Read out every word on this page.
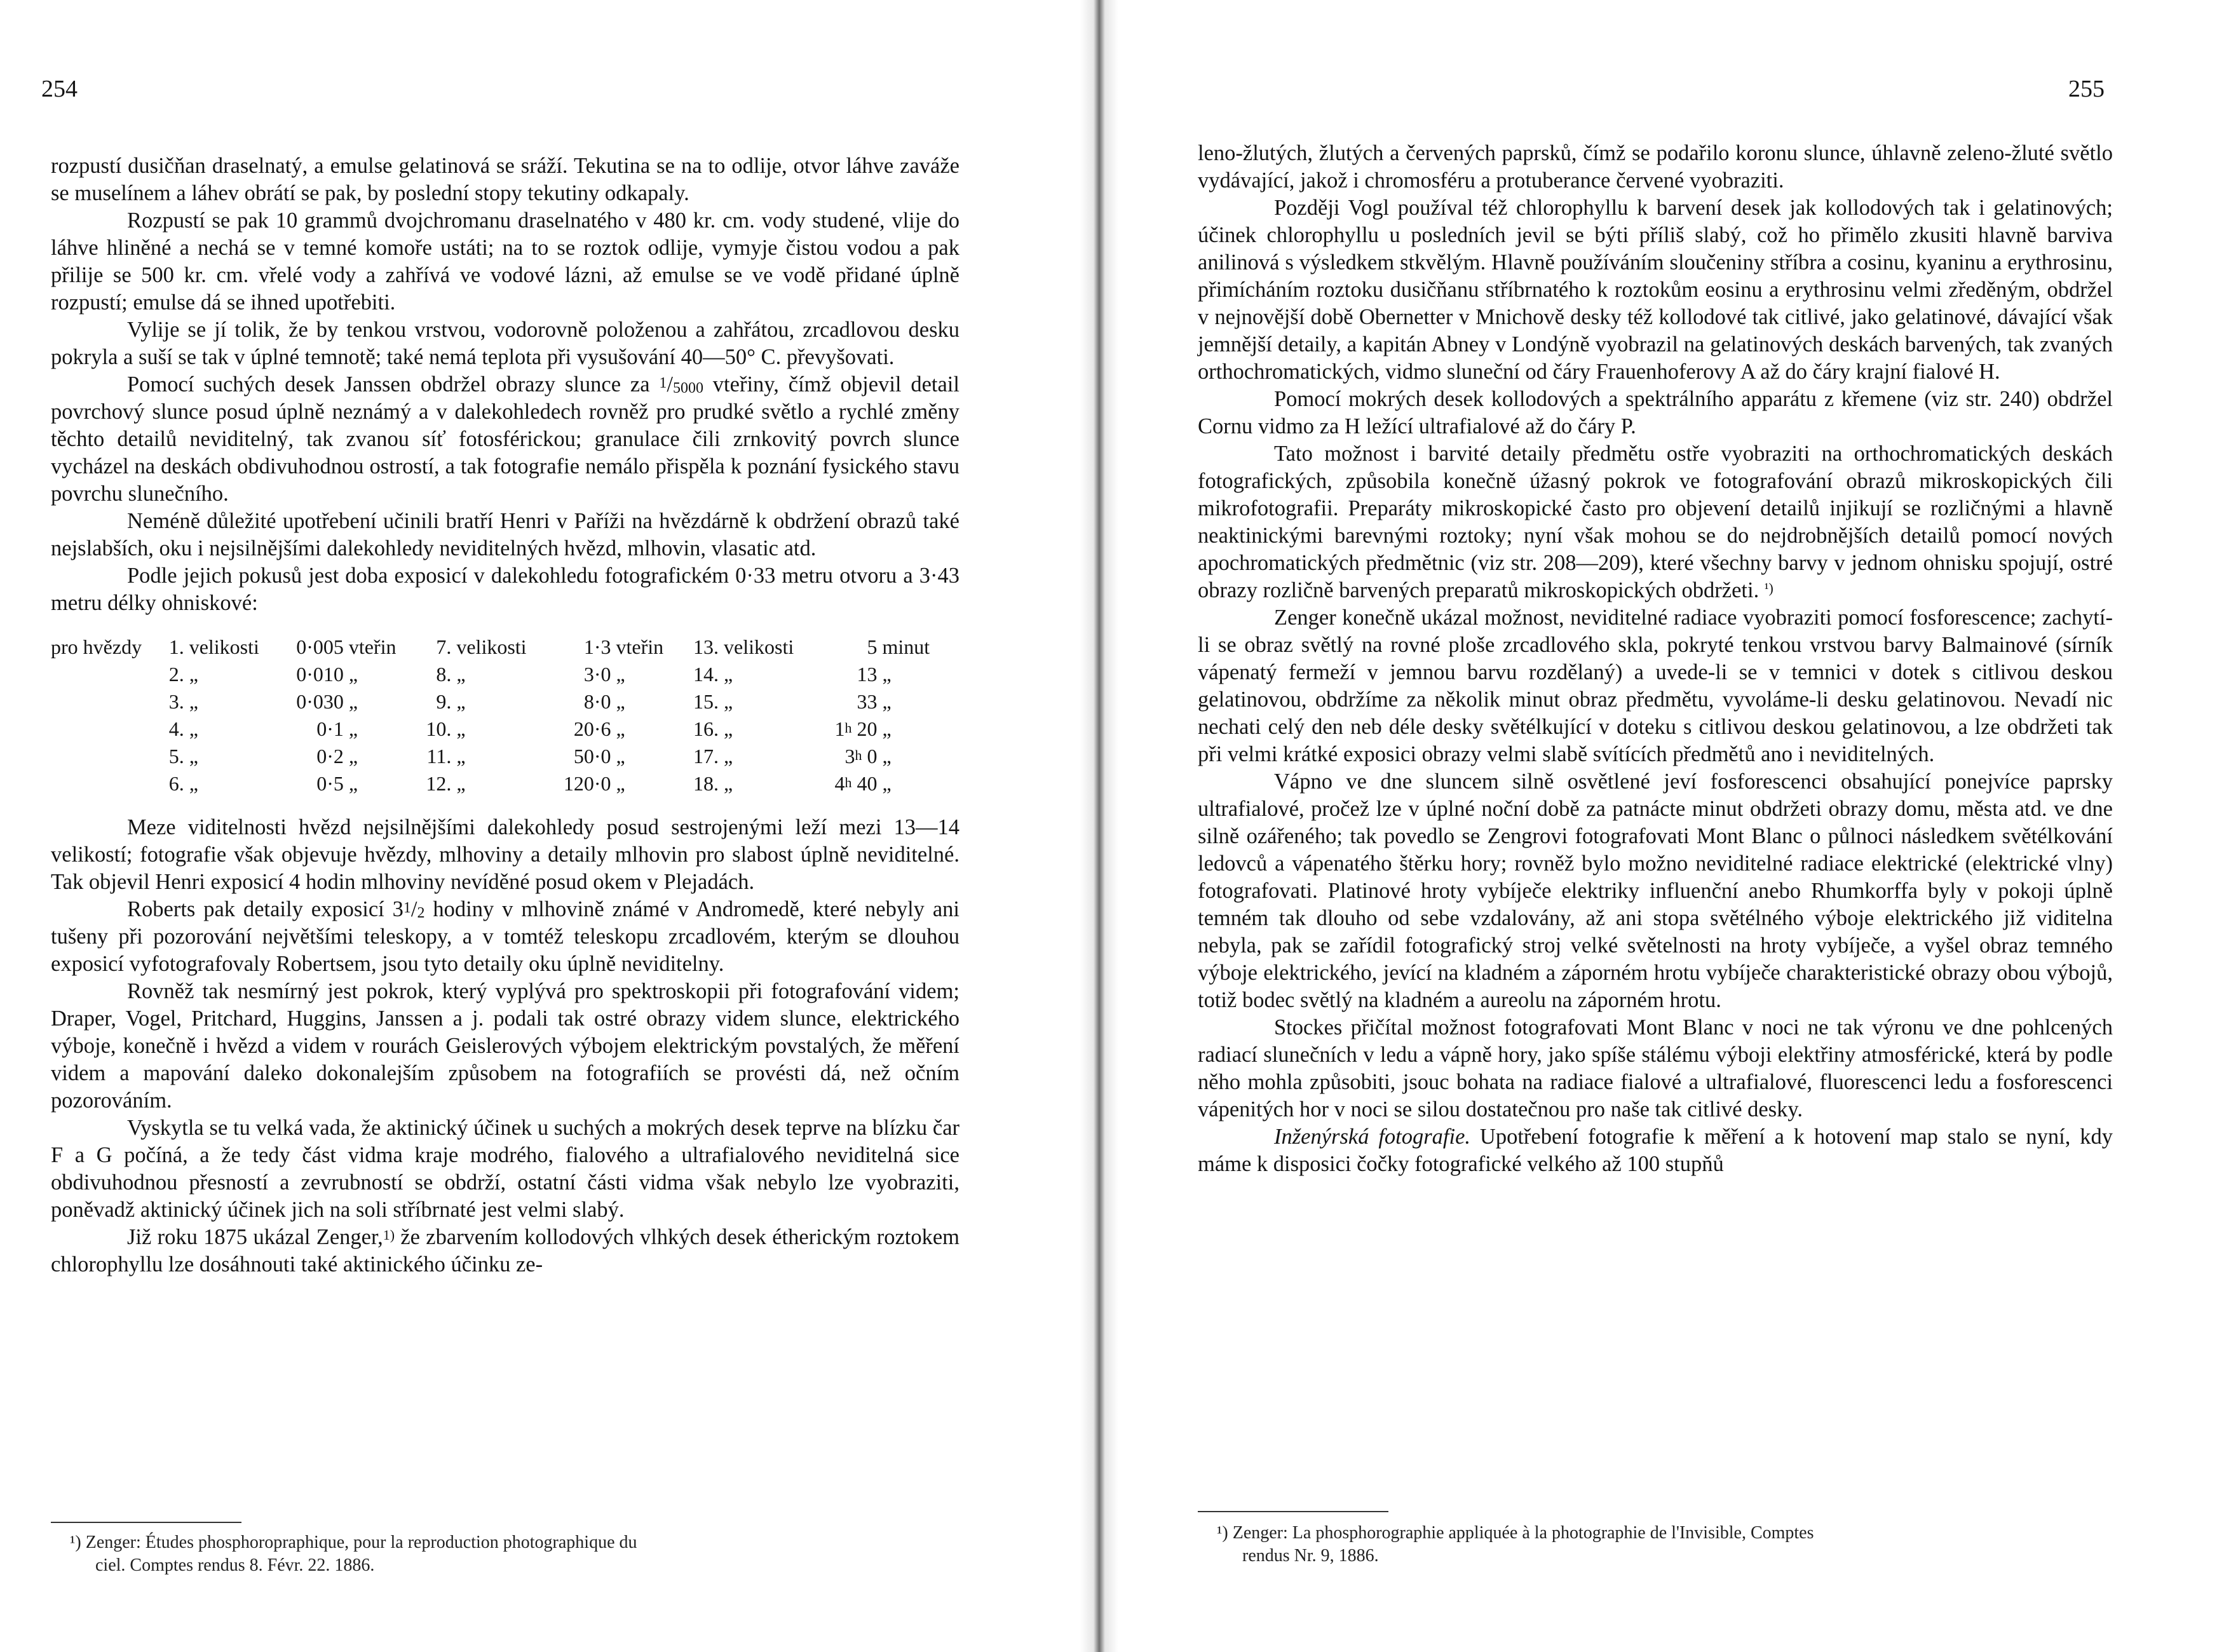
254

rozpustí dusičňan draselnatý, a emulse gelatinová se sráží. Tekutina se na to odlije, otvor láhve zaváže se muselínem a láhev obrátí se pak, by poslední stopy tekutiny odkapaly.

Rozpustí se pak 10 grammů dvojchromanu draselnatého v 480 kr. cm. vody studené, vlije do láhve hliněné a nechá se v temné komoře ustáti; na to se roztok odlije, vymyje čistou vodou a pak přilije se 500 kr. cm. vřelé vody a zahřívá ve vodové lázni, až emulse se ve vodě přidané úplně rozpustí; emulse dá se ihned upotřebiti.

Vylije se jí tolik, že by tenkou vrstvou, vodorovně položenou a zahřátou, zrcadlovou desku pokryla a suší se tak v úplné temnotě; také nemá teplota při vysušování 40—50° C. převyšovati.

Pomocí suchých desek Janssen obdržel obrazy slunce za $^1$/5000 vteřiny, čímž objevil detail povrchový slunce posud úplně neznámý a v dalekohledech rovněž pro prudké světlo a rychlé změny těchto detailů neviditelný, tak zvanou síť fotosférickou; granulace čili zrnkovitý povrch slunce vycházel na deskách obdivuhodnou ostrostí, a tak fotografie nemálo přispěla k poznání fysického stavu povrchu slunečního.

Neméně důležité upotřebení učinili bratří Henri v Paříži na hvězdárně k obdržení obrazů také nejslabších, oku i nejsilnějšími dalekohledy neviditelných hvězd, mlhovin, vlasatic atd.

Podle jejich pokusů jest doba exposicí v dalekohledu fotografickém 0·33 metru otvoru a 3·43 metru délky ohniskové:

pro hvězdy	1.	velikosti	0·005	vteřin	7.	velikosti	1·3	vteřin	13.	velikosti	5	minut
	2.	„	0·010	„	8.	„	3·0	„	14.	„	13	„
	3.	„	0·030	„	9.	„	8·0	„	15.	„	33	„
	4.	„	0·1	„	10.	„	20·6	„	16.	„	1$^h$ 20	„
	5.	„	0·2	„	11.	„	50·0	„	17.	„	3$^h$ 0	„
	6.	„	0·5	„	12.	„	120·0	„	18.	„	4$^h$ 40	„

Meze viditelnosti hvězd nejsilnějšími dalekohledy posud sestrojenými leží mezi 13—14 velikostí; fotografie však objevuje hvězdy, mlhoviny a detaily mlhovin pro slabost úplně neviditelné. Tak objevil Henri exposicí 4 hodin mlhoviny nevíděné posud okem v Plejadách.

Roberts pak detaily exposicí $3^1/2$ hodiny v mlhovině známé v Andromedě, které nebyly ani tušeny při pozorování největšími teleskopy, a v tomtéž teleskopu zrcadlovém, kterým se dlouhou exposicí vyfotografovaly Robertsem, jsou tyto detaily oku úplně neviditelny.

Rovněž tak nesmírný jest pokrok, který vyplývá pro spektroskopii při fotografování videm; Draper, Vogel, Pritchard, Huggins, Janssen a j. podali tak ostré obrazy videm slunce, elektrického výboje, konečně i hvězd a videm v rourách Geislerových výbojem elektrickým povstalých, že měření videm a mapování daleko dokonalejším způsobem na fotografiích se provésti dá, než očním pozorováním.

Vyskytla se tu velká vada, že aktinický účinek u suchých a mokrých desek teprve na blízku čar F a G počíná, a že tedy část vidma kraje modrého, fialového a ultrafialového neviditelná sice obdivuhodnou přesností a zevrubností se obdrží, ostatní části vidma však nebylo lze vyobraziti, poněvadž aktinický účinek jich na soli stříbrnaté jest velmi slabý.

Již roku 1875 ukázal Zenger,$^{1)}$ že zbarvením kollodových vlhkých desek étherickým roztokem chlorophyllu lze dosáhnouti také aktinického účinku ze-

¹) Zenger: Études phosphoropraphique, pour la reproduction photographique du

ciel. Comptes rendus 8. Févr. 22. 1886.

255

leno-žlutých, žlutých a červených paprsků, čímž se podařilo koronu slunce, úhlavně zeleno-žluté světlo vydávající, jakož i chromosféru a protuberance červené vyobraziti.

Později Vogl používal též chlorophyllu k barvení desek jak kollodových tak i gelatinových; účinek chlorophyllu u posledních jevil se býti příliš slabý, což ho přimělo zkusiti hlavně barviva anilinová s výsledkem stkvělým. Hlavně používáním sloučeniny stříbra a cosinu, kyaninu a erythrosinu, přimícháním roztoku dusičňanu stříbrnatého k roztokům eosinu a erythrosinu velmi zředěným, obdržel v nejnovější době Obernetter v Mnichově desky též kollodové tak citlivé, jako gelatinové, dávající však jemnější detaily, a kapitán Abney v Londýně vyobrazil na gelatinových deskách barvených, tak zvaných orthochromatických, vidmo sluneční od čáry Frauenhoferovy A až do čáry krajní fialové H.

Pomocí mokrých desek kollodových a spektrálního apparátu z křemene (viz str. 240) obdržel Cornu vidmo za H ležící ultrafialové až do čáry P.

Tato možnost i barvité detaily předmětu ostře vyobraziti na orthochromatických deskách fotografických, způsobila konečně úžasný pokrok ve fotografování obrazů mikroskopických čili mikrofotografii. Preparáty mikroskopické často pro objevení detailů injikují se rozličnými a hlavně neaktinickými barevnými roztoky; nyní však mohou se do nejdrobnějších detailů pomocí nových apochromatických předmětnic (viz str. 208—209), které všechny barvy v jednom ohnisku spojují, ostré obrazy rozličně barvených preparatů mikroskopických obdržeti. $^{^1)}$

Zenger konečně ukázal možnost, neviditelné radiace vyobraziti pomocí fosforescence; zachytí-li se obraz světlý na rovné ploše zrcadlového skla, pokryté tenkou vrstvou barvy Balmainové (sírník vápenatý fermeží v jemnou barvu rozdělaný) a uvede-li se v temnici v dotek s citlivou deskou gelatinovou, obdržíme za několik minut obraz předmětu, vyvoláme-li desku gelatinovou. Nevadí nic nechati celý den neb déle desky světélkující v doteku s citlivou deskou gelatinovou, a lze obdržeti tak při velmi krátké exposici obrazy velmi slabě svítících předmětů ano i neviditelných.

Vápno ve dne sluncem silně osvětlené jeví fosforescenci obsahující ponejvíce paprsky ultrafialové, pročež lze v úplné noční době za patnácte minut obdržeti obrazy domu, města atd. ve dne silně ozářeného; tak povedlo se Zengrovi fotografovati Mont Blanc o půlnoci následkem světélkování ledovců a vápenatého štěrku hory; rovněž bylo možno neviditelné radiace elektrické (elektrické vlny) fotografovati. Platinové hroty vybíječe elektriky influenční anebo Rhumkorffa byly v pokoji úplně temném tak dlouho od sebe vzdalovány, až ani stopa světélného výboje elektrického již viditelna nebyla, pak se zařídil fotografický stroj velké světelnosti na hroty vybíječe, a vyšel obraz temného výboje elektrického, jevící na kladném a záporném hrotu vybíječe charakteristické obrazy obou výbojů, totiž bodec světlý na kladném a aureolu na záporném hrotu.

Stockes přičítal možnost fotografovati Mont Blanc v noci ne tak výronu ve dne pohlcených radiací slunečních v ledu a vápně hory, jako spíše stálému výboji elektřiny atmosférické, která by podle něho mohla způsobiti, jsouc bohata na radiace fialové a ultrafialové, fluorescenci ledu a fosforescenci vápenitých hor v noci se silou dostatečnou pro naše tak citlivé desky.

Inženýrská fotografie. Upotřebení fotografie k měření a k hotovení map stalo se nyní, kdy máme k disposici čočky fotografické velkého až 100 stupňů

¹) Zenger: La phosphorographie appliquée à la photographie de l'Invisible, Comptes

rendus Nr. 9, 1886.
